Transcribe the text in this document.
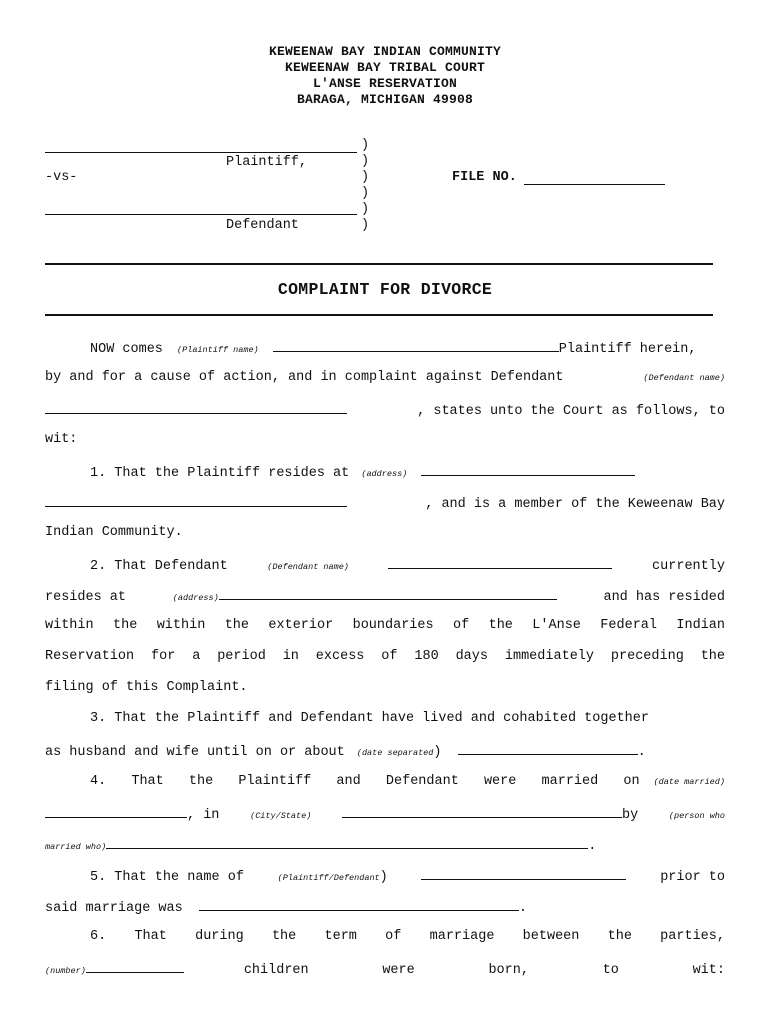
KEWEENAW BAY INDIAN COMMUNITY
KEWEENAW BAY TRIBAL COURT
L'ANSE RESERVATION
BARAGA, MICHIGAN 49908
Plaintiff,
-vs-
Defendant
)
)
)
)
)
)
FILE NO.
COMPLAINT FOR DIVORCE
NOW comes (Plaintiff name)	Plaintiff herein,
by and for a cause of action, and in complaint against Defendant	(Defendant name)
, states unto the Court as follows, to
wit:
1. That the Plaintiff resides at (address)
, and is a member of the Keweenaw Bay
Indian Community.
2. That Defendant	(Defendant name)	currently
resides at	(address)	and has resided
within the within the exterior boundaries of the L'Anse Federal Indian
Reservation for a period in excess of 180 days immediately preceding the
filing of this Complaint.
3. That the Plaintiff and Defendant have lived and cohabited together
as husband and wife until on or about (date separated)	.
4. That the Plaintiff and Defendant were married on (date married)
, in	(City/State)	by	(person who
married who)	.
5. That the name of	(Plaintiff/Defendant)	prior to
said marriage was	.
6. That during the term of marriage between the parties,
(number)	children were born, to wit:
